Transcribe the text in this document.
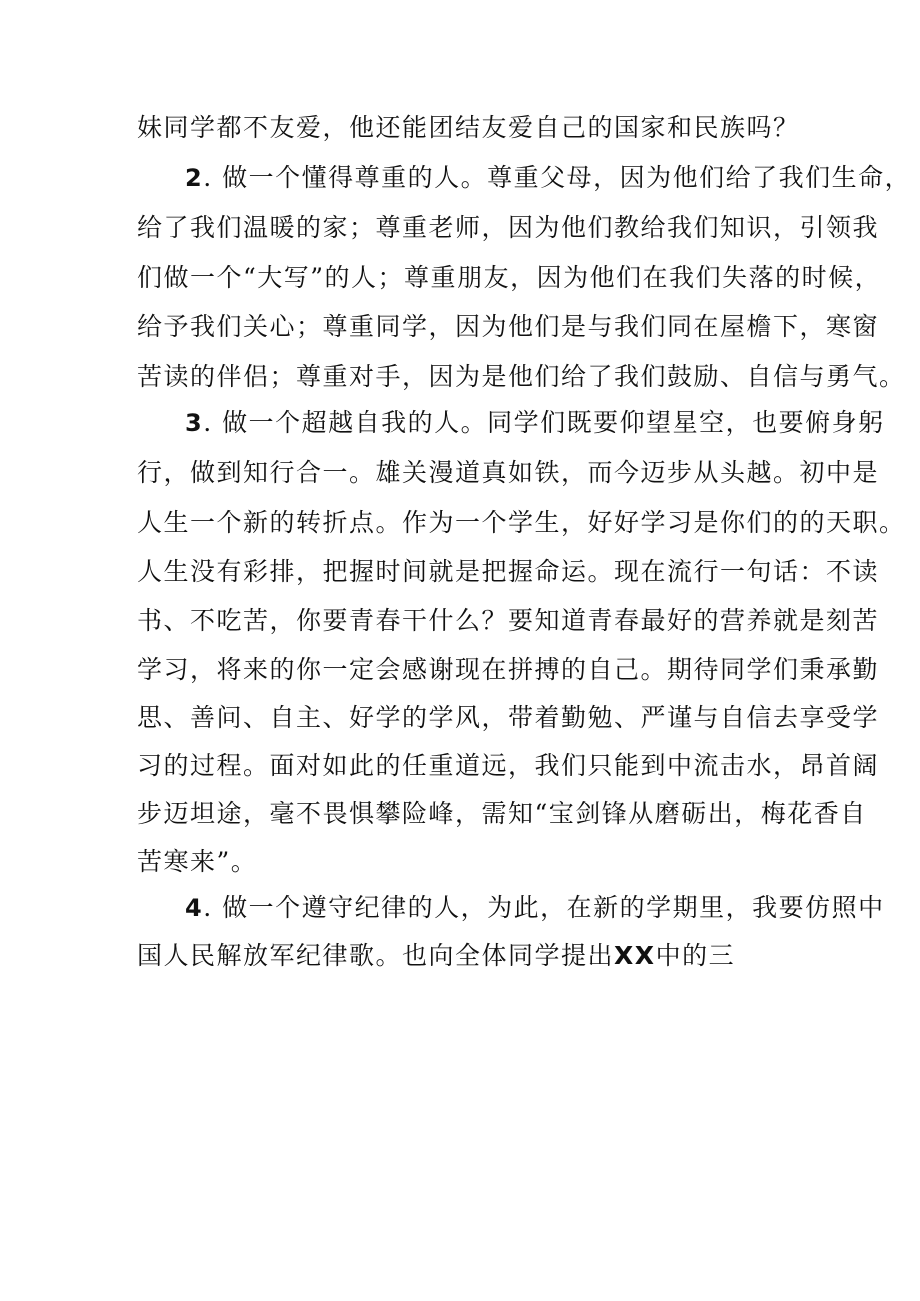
妹同学都不友爱，他还能团结友爱自己的国家和民族吗？
2. 做一个懂得尊重的人。尊重父母，因为他们给了我们生命，
给了我们温暖的家；尊重老师，因为他们教给我们知识，引领我
们做一个“大写”的人；尊重朋友，因为他们在我们失落的时候，
给予我们关心；尊重同学，因为他们是与我们同在屋檐下，寒窗
苦读的伴侣；尊重对手，因为是他们给了我们鼓励、自信与勇气。
3. 做一个超越自我的人。同学们既要仰望星空，也要俯身躬
行，做到知行合一。雄关漫道真如铁，而今迈步从头越。初中是
人生一个新的转折点。作为一个学生，好好学习是你们的的天职。
人生没有彩排，把握时间就是把握命运。现在流行一句话：不读
书、不吃苦，你要青春干什么？要知道青春最好的营养就是刻苦
学习，将来的你一定会感谢现在拼搏的自己。期待同学们秉承勤
思、善问、自主、好学的学风，带着勤勉、严谨与自信去享受学
习的过程。面对如此的任重道远，我们只能到中流击水，昂首阔
步迈坦途，毫不畏惧攀险峰，需知“宝剑锋从磨砺出，梅花香自
苦寒来”。
4. 做一个遵守纪律的人，为此，在新的学期里，我要仿照中
国人民解放军纪律歌。也向全体同学提出XX中的三
